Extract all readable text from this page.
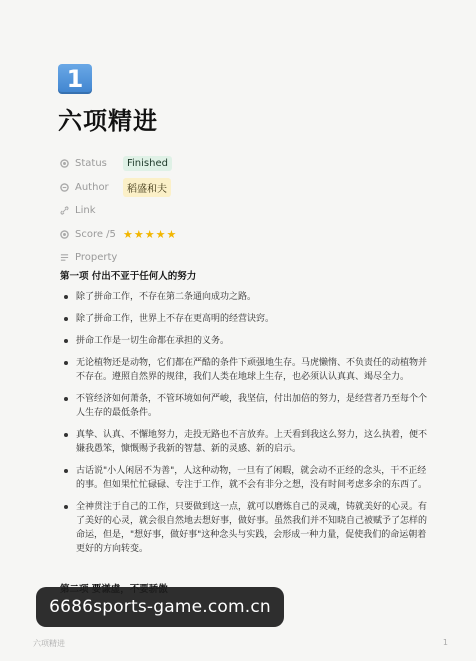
1
六项精进
Status	Finished
Author	稻盛和夫
Link
Score /5 ★ ★ ★ ★ ★
Property
第一项 付出不亚于任何人的努力
除了拼命工作，不存在第二条通向成功之路。
除了拼命工作，世界上不存在更高明的经营诀窍。
拼命工作是一切生命都在承担的义务。
无论植物还是动物，它们都在严酷的条件下顽强地生存。马虎懒惰、不负责任的动植物并不存在。遵照自然界的规律，我们人类在地球上生存，也必须认认真真、竭尽全力。
不管经济如何萧条，不管环境如何严峻，我坚信，付出加倍的努力，是经营者乃至每个个人生存的最低条件。
真挚、认真、不懈地努力，走投无路也不言放弃。上天看到我这么努力，这么执着，便不嫌我愚笨，慷慨赐予我新的智慧、新的灵感、新的启示。
古话说"小人闲居不为善"，人这种动物，一旦有了闲暇，就会动不正经的念头，干不正经的事。但如果忙忙碌碌、专注于工作，就不会有非分之想，没有时间考虑多余的东西了。
全神贯注于自己的工作，只要做到这一点，就可以磨炼自己的灵魂，铸就美好的心灵。有了美好的心灵，就会很自然地去想好事，做好事。虽然我们并不知晓自己被赋予了怎样的命运，但是，"想好事，做好事"这种念头与实践，会形成一种力量，促使我们的命运朝着更好的方向转变。
6686sports-game.com.cn
六项精进	1
